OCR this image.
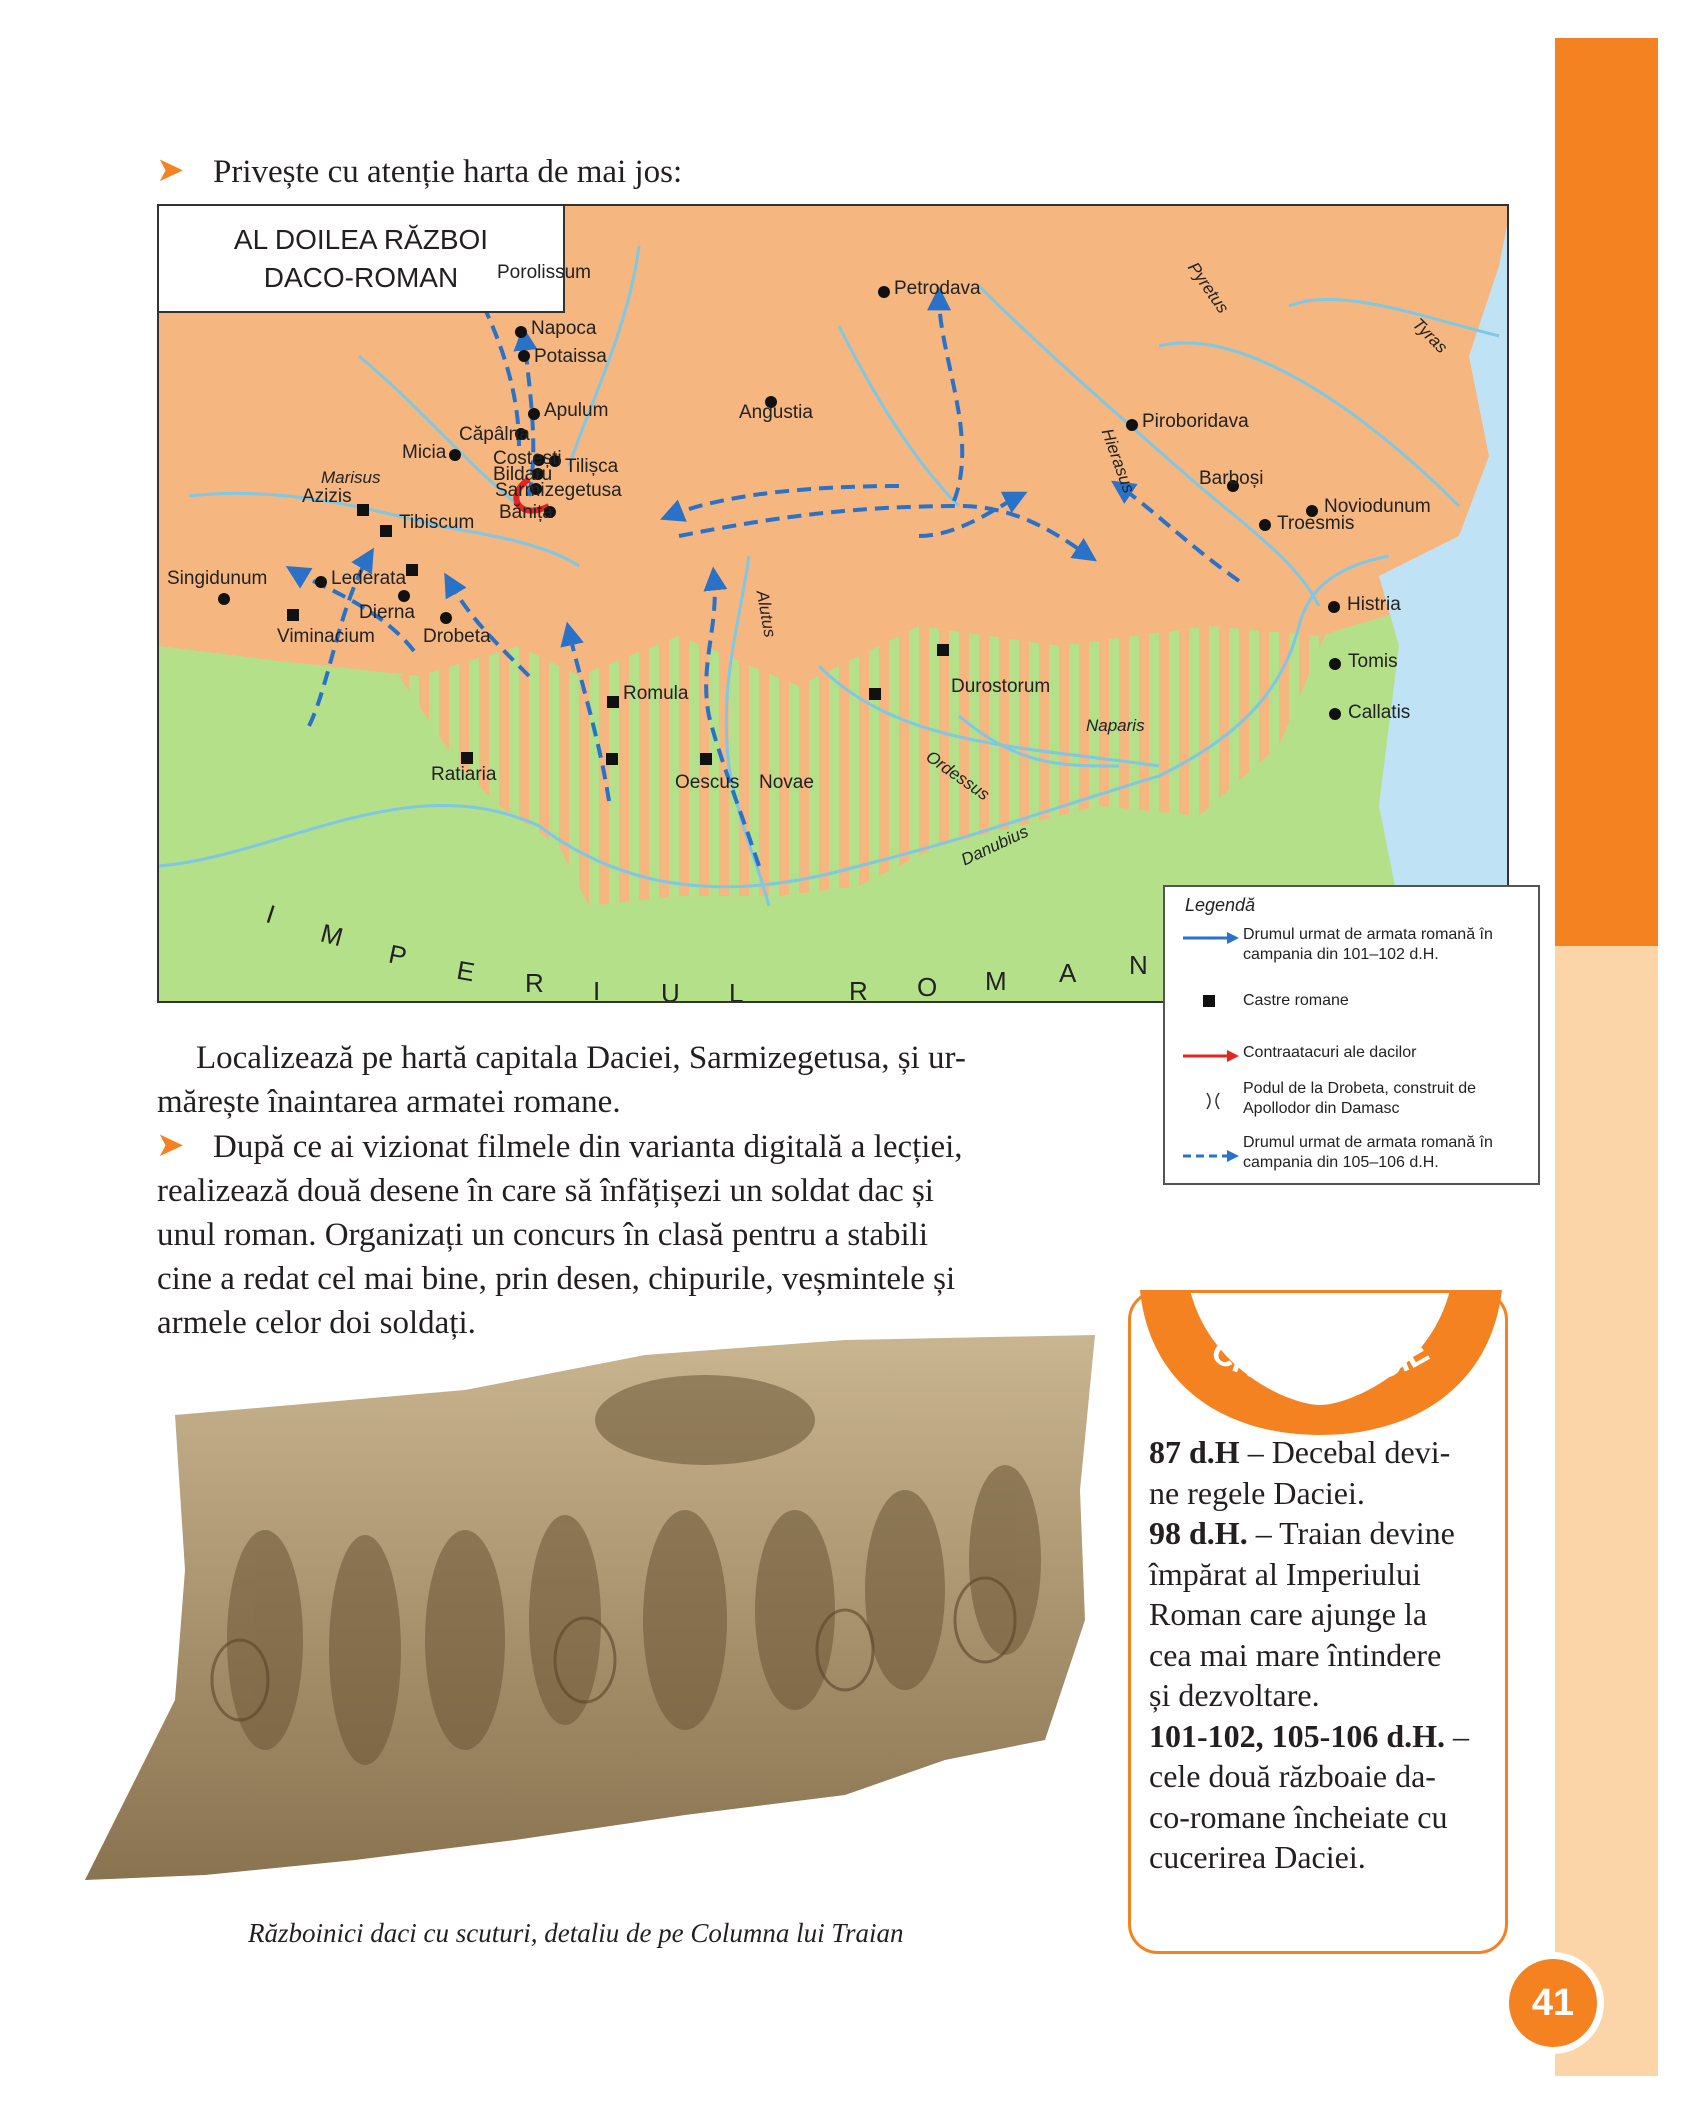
41
➤ Privește cu atenție harta de mai jos:
AL DOILEA RĂZBOI
DACO-ROMAN	Porolissum
Napoca
Potaissa
Petrodava
Apulum	Angustia	Piroboridava
Căpâlna
Micia Costești
Bildaru Tilișca
Sarmizegetusa
Bănița
Azizis
Tibiscum
Barboși
Noviodunum
Troesmis
Singidunum	Lederata
Dierna
Drobeta
Viminacium
Histria
Tomis
Callatis
Romula	Durostorum
Ratiaria	Oescus Novae
Marisus
Pyretus
Tyras
Hierasus
Alutus
Naparis
Ordessus
Danubius
I
M
P E R I U L	R O M A N
Legendă
Drumul urmat de armata romană în
campania din 101–102 d.H.
Castre romane
Contraatacuri ale dacilor
Podul de la Drobeta, construit de
Apollodor din Damasc
Drumul urmat de armata romană în
campania din 105–106 d.H.
Localizează pe hartă capitala Daciei, Sarmizegetusa, și ur-
mărește înaintarea armatei romane.
➤ După ce ai vizionat filmele din varianta digitală a lecției,
realizează două desene în care să înfățișezi un soldat dac și
unul roman. Organizați un concurs în clasă pentru a stabili
cine a redat cel mai bine, prin desen, chipurile, veșmintele și
armele celor doi soldați.
Războinici daci cu scuturi, detaliu de pe Columna lui Traian
CRONOLOGIE
87 d.H – Decebal devi-
ne regele Daciei.
98 d.H. – Traian devine
împărat al Imperiului
Roman care ajunge la
cea mai mare întindere
și dezvoltare.
101-102, 105-106 d.H. –
cele două războaie da-
co-romane încheiate cu
cucerirea Daciei.
